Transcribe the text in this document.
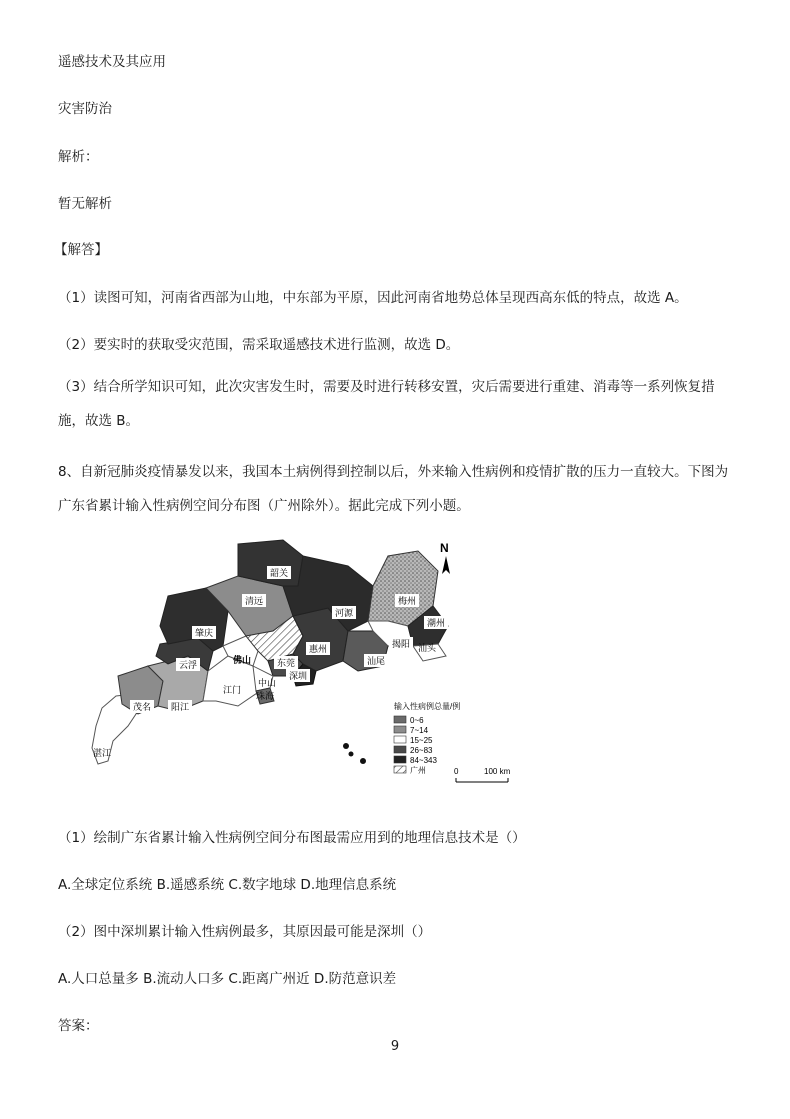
遥感技术及其应用
灾害防治
解析：
暂无解析
【解答】
（1）读图可知，河南省西部为山地，中东部为平原，因此河南省地势总体呈现西高东低的特点，故选 A。
（2）要实时的获取受灾范围，需采取遥感技术进行监测，故选 D。
（3）结合所学知识可知，此次灾害发生时，需要及时进行转移安置，灾后需要进行重建、消毒等一系列恢复措施，故选 B。
8、自新冠肺炎疫情暴发以来，我国本土病例得到控制以后，外来输入性病例和疫情扩散的压力一直较大。下图为广东省累计输入性病例空间分布图（广州除外）。据此完成下列小题。
韶关
清远
河源
梅州
潮州
肇庆
惠州	揭阳 汕头
汕尾
云浮	佛山	东莞
中山
深圳
江门
珠海
茂名 阳江
湛江
N
输入性病例总量/例
0~6
7~14
15~25
26~83
84~343
广州	0	100 km
（1）绘制广东省累计输入性病例空间分布图最需应用到的地理信息技术是（）
A.全球定位系统 B.遥感系统 C.数字地球 D.地理信息系统
（2）图中深圳累计输入性病例最多，其原因最可能是深圳（）
A.人口总量多 B.流动人口多 C.距离广州近 D.防范意识差
答案：
9
